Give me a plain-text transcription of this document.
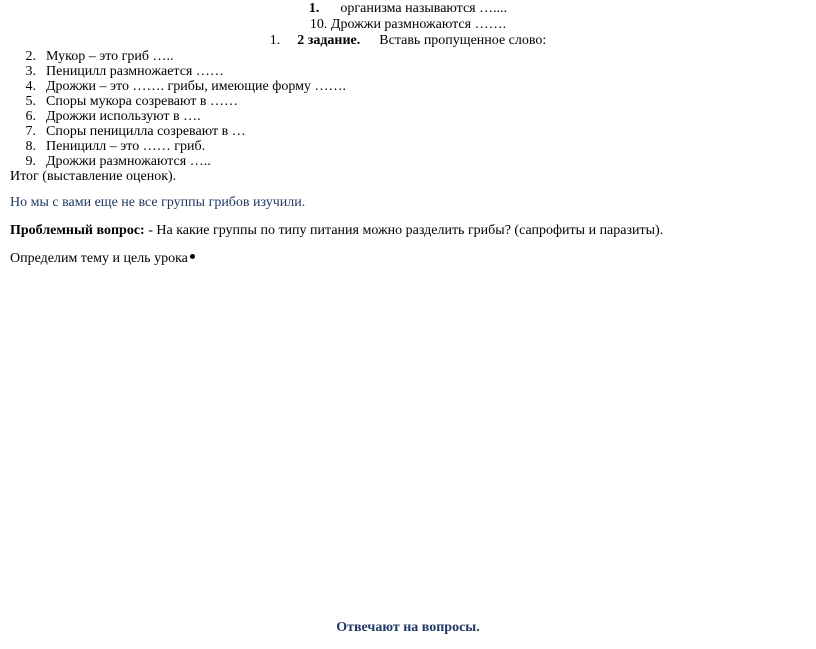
1. организма называются …....
10. Дрожжи размножаются …….
1. 2 задание. Вставь пропущенное слово:
2. Мукор – это гриб …..
3. Пеницилл размножается ……
4. Дрожжи – это ……. грибы, имеющие форму …….
5. Споры мукора созревают в ……
6. Дрожжи используют в ….
7. Споры пеницилла созревают в …
8. Пеницилл – это …… гриб.
9. Дрожжи размножаются …..
Итог (выставление оценок).
Но мы с вами еще не все группы грибов изучили.
Проблемный вопрос: - На какие группы по типу питания можно разделить грибы? (сапрофиты и паразиты).
Определим тему и цель урока
Отвечают на вопросы.
